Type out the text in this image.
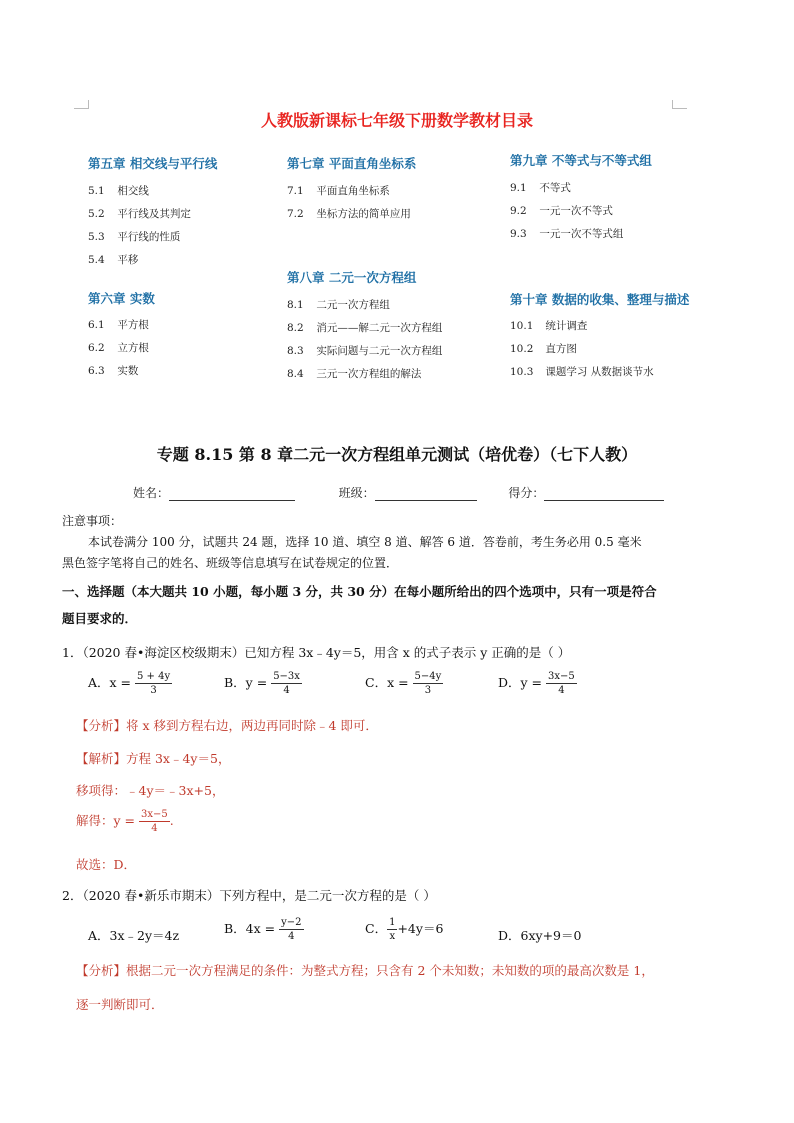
人教版新课标七年级下册数学教材目录
第五章 相交线与平行线
5.1 相交线
5.2 平行线及其判定
5.3 平行线的性质
5.4 平移
第六章 实数
6.1 平方根
6.2 立方根
6.3 实数
第七章 平面直角坐标系
7.1 平面直角坐标系
7.2 坐标方法的简单应用
第八章 二元一次方程组
8.1 二元一次方程组
8.2 消元——解二元一次方程组
8.3 实际问题与二元一次方程组
8.4 三元一次方程组的解法
第九章 不等式与不等式组
9.1 不等式
9.2 一元一次不等式
9.3 一元一次不等式组
第十章 数据的收集、整理与描述
10.1 统计调查
10.2 直方图
10.3 课题学习 从数据谈节水
专题 8.15 第 8 章二元一次方程组单元测试（培优卷）（七下人教）
姓名：	班级：	得分：
注意事项：
本试卷满分 100 分，试题共 24 题，选择 10 道、填空 8 道、解答 6 道．答卷前，考生务必用 0.5 毫米
黑色签字笔将自己的姓名、班级等信息填写在试卷规定的位置．
一、选择题（本大题共 10 小题，每小题 3 分，共 30 分）在每小题所给出的四个选项中，只有一项是符合
题目要求的．
1．（2020 春•海淀区校级期末）已知方程 3x﹣4y＝5，用含 x 的式子表示 y 正确的是（ ）
A．$x = \frac{5 + 4y}{3}$	B．$y = \frac{5-3x}{4}$	C．$x = \frac{5-4y}{3}$	D．$y = \frac{3x-5}{4}$
【分析】将 x 移到方程右边，两边再同时除﹣4 即可．
【解析】方程 3x﹣4y＝5，
移项得：﹣4y＝﹣3x+5，
解得：$y = \frac{3x-5}{4}$ .
故选：D．
2．（2020 春•新乐市期末）下列方程中，是二元一次方程的是（ ）
A．3x﹣2y＝4z	B．$4x = \frac{y-2}{4}$	C． $\frac{1}{x} +4y=6$	D．6xy+9＝0
【分析】根据二元一次方程满足的条件：为整式方程；只含有 2 个未知数；未知数的项的最高次数是 1，
逐一判断即可．
